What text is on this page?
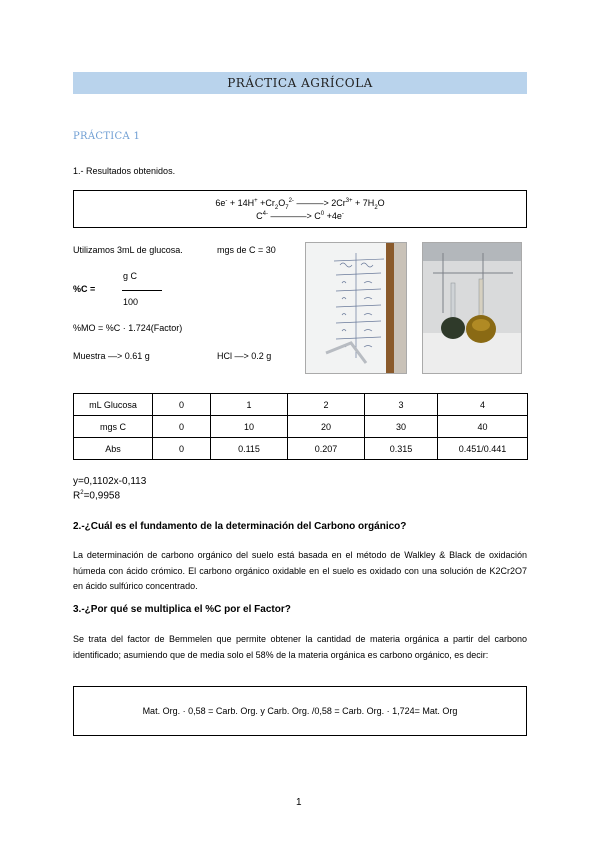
PRÁCTICA AGRÍCOLA
PRÁCTICA 1
1.- Resultados obtenidos.
$6e^- + 14H^+ +Cr_2O_7^{2-}$ ———> $2Cr^{3+} + 7H_2O$
$C^{4-}$ ————> $C^0 +4e^-$
Utilizamos 3mL de glucosa.	mgs de C = 30
g C
%C =
100
%MO = %C · 1.724(Factor)
Muestra —> 0.61 g	HCl —> 0.2 g
mL Glucosa	0	1	2	3	4
mgs C	0	10	20	30	40
Abs	0	0.115	0.207	0.315	0.451/0.441
y=0,1102x-0,113
$R^2=0,9958$
2.-¿Cuál es el fundamento de la determinación del Carbono orgánico?
La determinación de carbono orgánico del suelo está basada en el método de Walkley & Black de oxidación húmeda con ácido crómico. El carbono orgánico oxidable en el suelo es oxidado con una solución de K2Cr2O7 en ácido sulfúrico concentrado.
3.-¿Por qué se multiplica el %C por el Factor?
Se trata del factor de Bemmelen que permite obtener la cantidad de materia orgánica a partir del carbono identificado; asumiendo que de media solo el 58% de la materia orgánica es carbono orgánico, es decir:
Mat. Org. · 0,58 = Carb. Org. y Carb. Org. /0,58 = Carb. Org. · 1,724= Mat. Org
1
